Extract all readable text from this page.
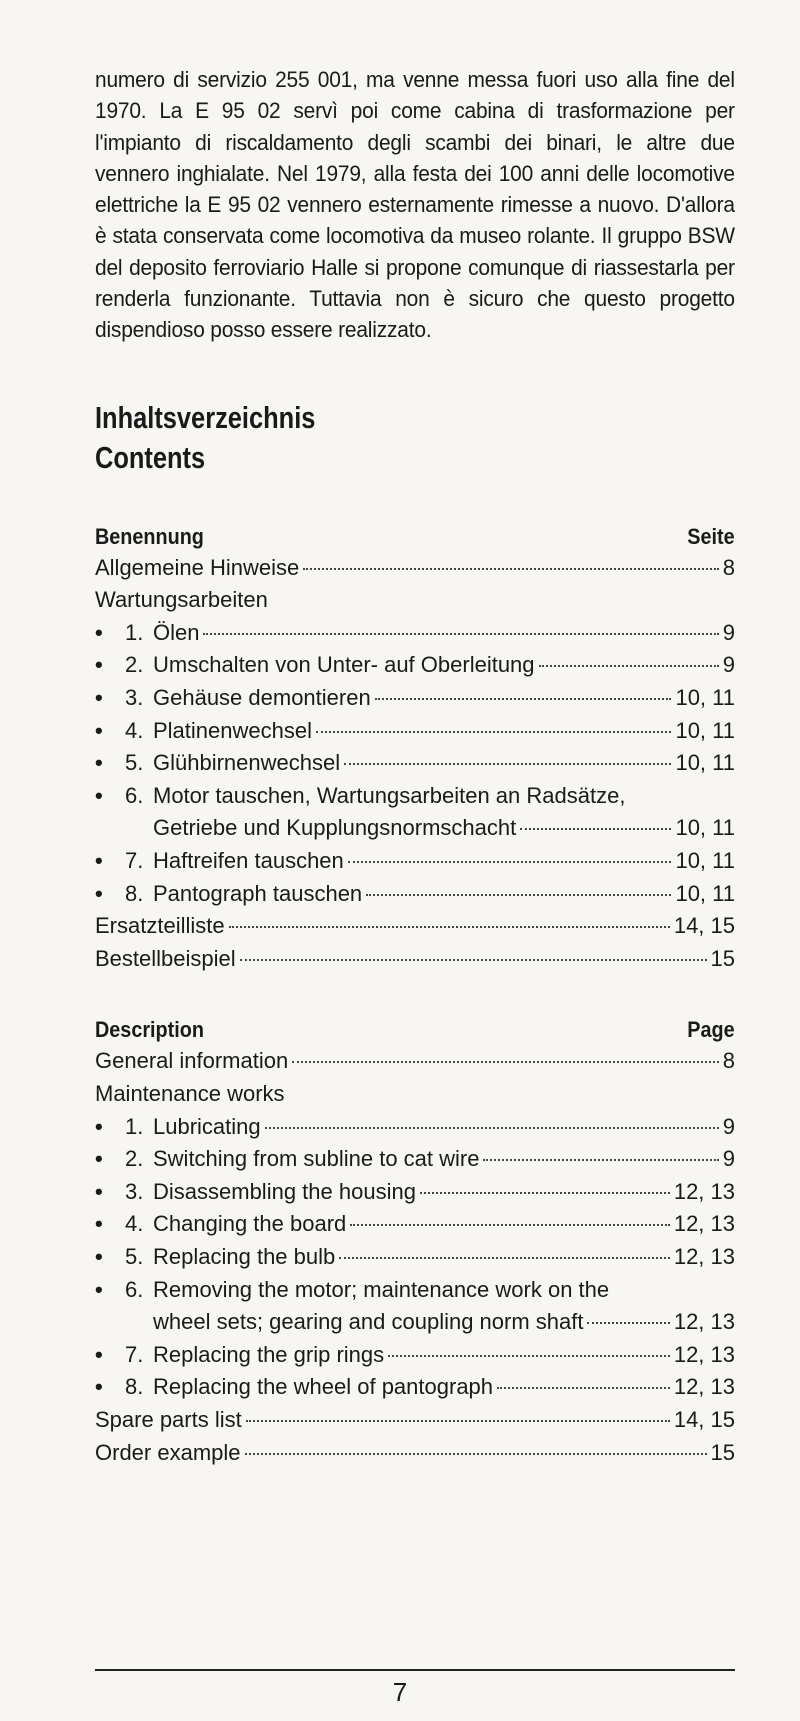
numero di servizio 255 001, ma venne messa fuori uso alla fine del 1970. La E 95 02 servì poi come cabina di trasformazione per l'impianto di riscaldamento degli scambi dei binari, le altre due vennero inghialate. Nel 1979, alla festa dei 100 anni delle locomotive elettriche la E 95 02 vennero esternamente rimesse a nuovo. D'allora è stata conservata come locomotiva da museo rolante. Il gruppo BSW del deposito ferroviario Halle si propone comunque di riassestarla per renderla funzionante. Tuttavia non è sicuro che questo progetto dispendioso posso essere realizzato.

Inhaltsverzeichnis
Contents
Benennung	Seite
Allgemeine Hinweise	8
Wartungsarbeiten
•	1. Ölen	9
•	2. Umschalten von Unter- auf Oberleitung	9
•	3. Gehäuse demontieren	10, 11
•	4. Platinenwechsel	10, 11
•	5. Glühbirnenwechsel	10, 11
•	6. Motor tauschen, Wartungsarbeiten an Radsätze,
Getriebe und Kupplungsnormschacht	10, 11
•	7. Haftreifen tauschen	10, 11
•	8. Pantograph tauschen	10, 11
Ersatzteilliste	14, 15
Bestellbeispiel	15
Description	Page
General information	8
Maintenance works
•	1. Lubricating	9
•	2. Switching from subline to cat wire	9
•	3. Disassembling the housing	12, 13
•	4. Changing the board	12, 13
•	5. Replacing the bulb	12, 13
•	6. Removing the motor; maintenance work on the
wheel sets; gearing and coupling norm shaft	12, 13
•	7. Replacing the grip rings	12, 13
•	8. Replacing the wheel of pantograph	12, 13
Spare parts list	14, 15
Order example	15
7
